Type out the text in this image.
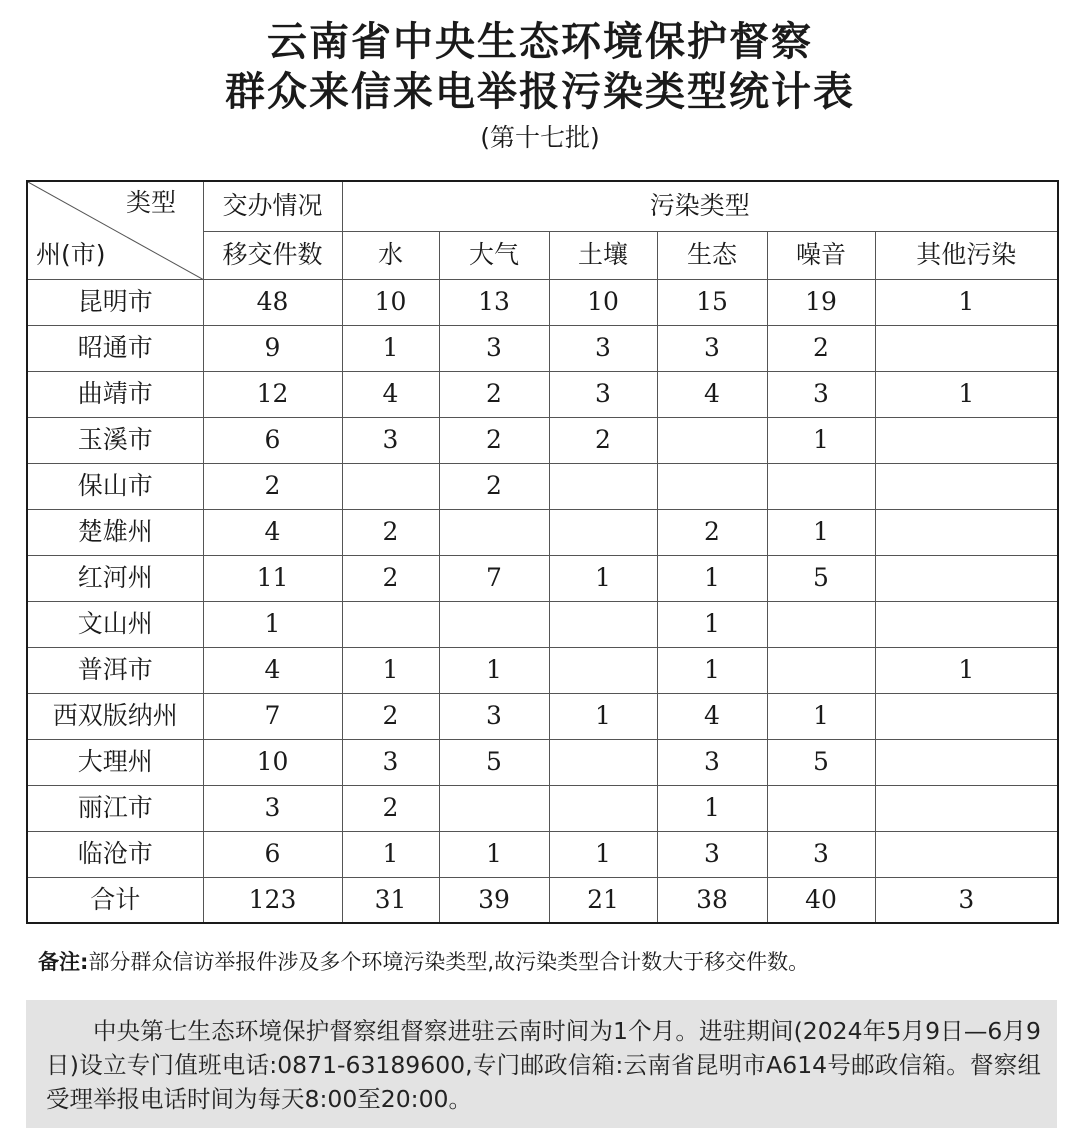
云南省中央生态环境保护督察
群众来信来电举报污染类型统计表
(第十七批)
类型
州(市)	交办情况	污染类型					
	移交件数	水	大气	土壤	生态	噪音	其他污染
昆明市	48	10	13	10	15	19	1
昭通市	9	1	3	3	3	2	
曲靖市	12	4	2	3	4	3	1
玉溪市	6	3	2	2		1	
保山市	2		2				
楚雄州	4	2			2	1	
红河州	11	2	7	1	1	5	
文山州	1				1		
普洱市	4	1	1		1		1
西双版纳州	7	2	3	1	4	1	
大理州	10	3	5		3	5	
丽江市	3	2			1		
临沧市	6	1	1	1	3	3	
合计	123	31	39	21	38	40	3
备注:部分群众信访举报件涉及多个环境污染类型,故污染类型合计数大于移交件数。
中央第七生态环境保护督察组督察进驻云南时间为1个月。进驻期间(2024年5月9日—6月9日)设立专门值班电话:0871-63189600,专门邮政信箱:云南省昆明市A614号邮政信箱。督察组受理举报电话时间为每天8:00至20:00。
